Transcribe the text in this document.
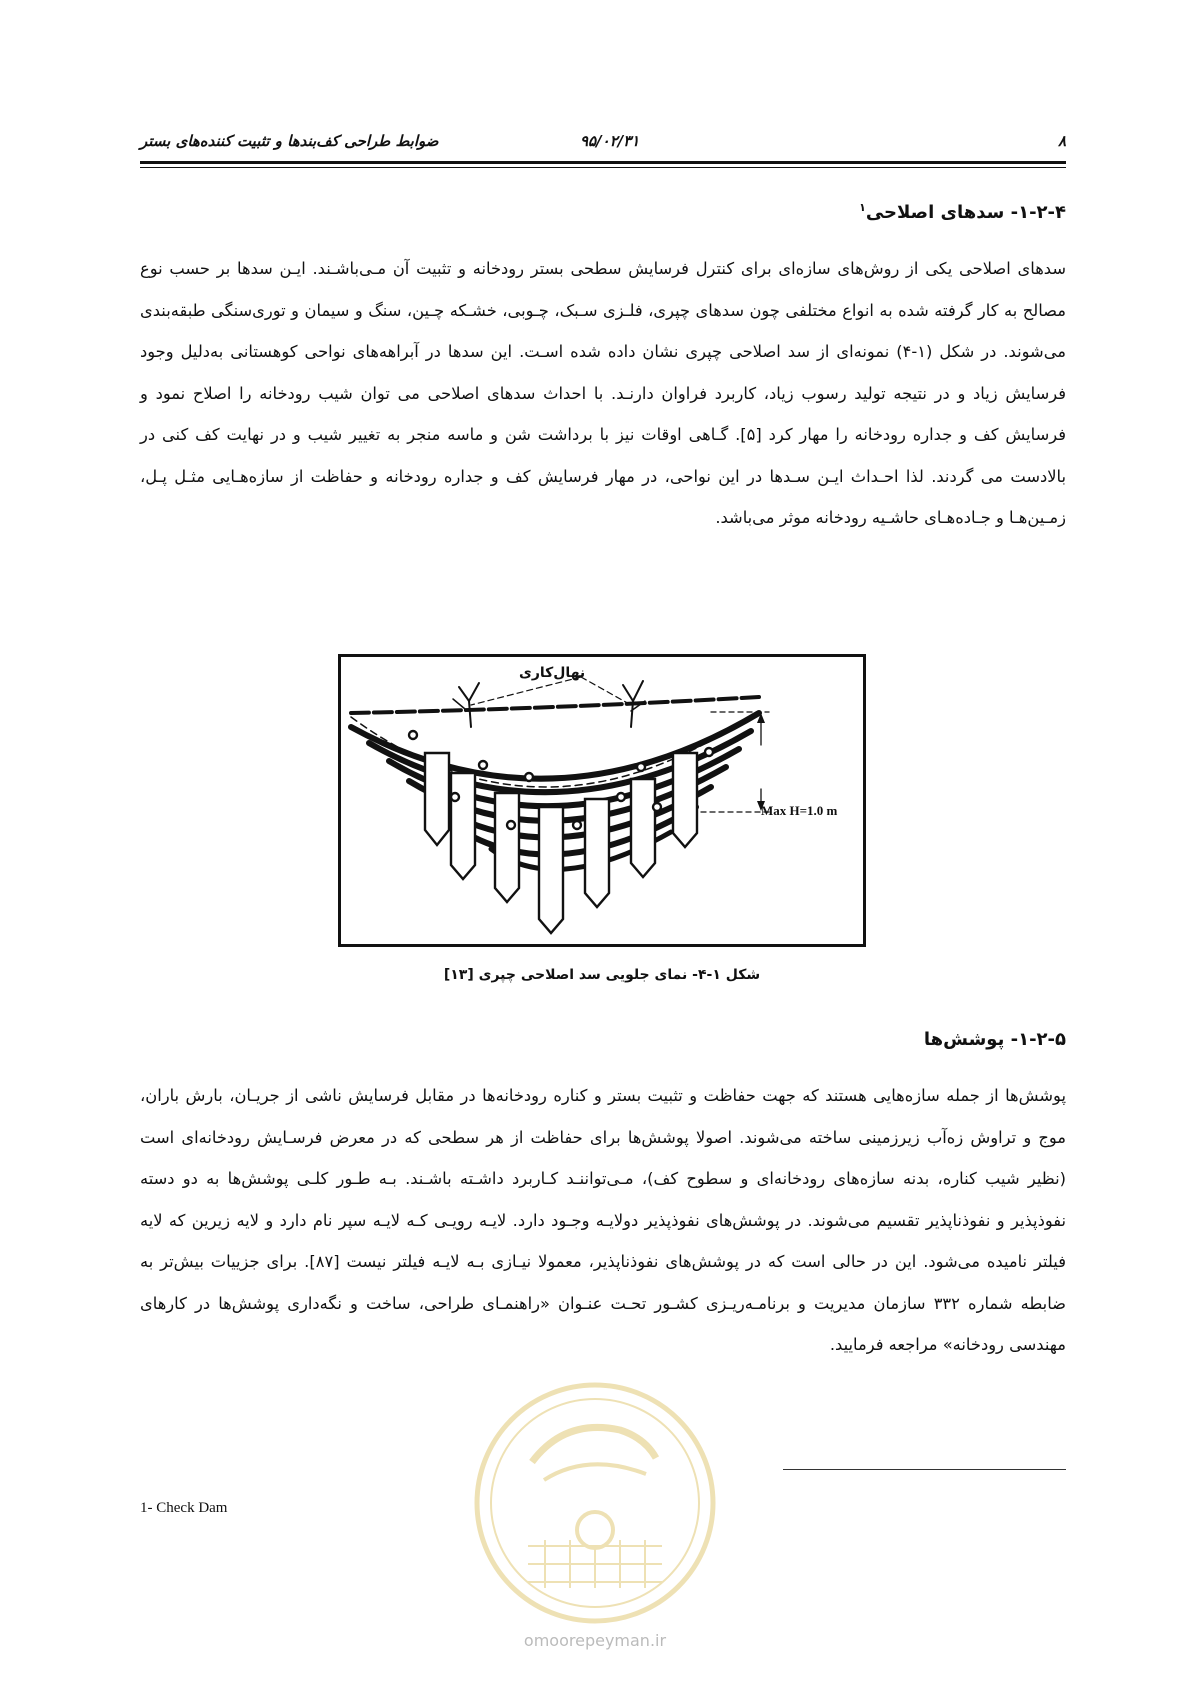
۸
۹۵/۰۲/۳۱
ضوابط طراحی کف‌بندها و تثبیت کننده‌های بستر
۱-۲-۴- سدهای اصلاحی$^۱$

سدهای اصلاحی یکی از روش‌های سازه‌ای برای کنترل فرسایش سطحی بستر رودخانه و تثبیت آن مـی‌باشـند. ایـن سدها بر حسب نوع مصالح به کار گرفته شده به انواع مختلفی چون سدهای چپری، فلـزی سـبک، چـوبی، خشـکه چـین، سنگ و سیمان و توری‌سنگی طبقه‌بندی می‌شوند. در شکل (۱-۴) نمونه‌ای از سد اصلاحی چپری نشان داده شده اسـت. این سدها در آبراهه‌های نواحی کوهستانی به‌دلیل وجود فرسایش زیاد و در نتیجه تولید رسوب زیاد، کاربرد فراوان دارنـد. با احداث سدهای اصلاحی می توان شیب رودخانه را اصلاح نمود و فرسایش کف و جداره رودخانه را مهار کرد [۵]. گـاهی اوقات نیز با برداشت شن و ماسه منجر به تغییر شیب و در نهایت کف کنی در بالادست می گردند. لذا احـداث ایـن سـدها در این نواحی، در مهار فرسایش کف و جداره رودخانه و حفاظت از سازه‌هـایی مثـل پـل، زمـین‌هـا و جـاده‌هـای حاشـیه رودخانه موثر می‌باشد.

نهال‌کاری
Max H=1.0 m
شکل ۱-۴- نمای جلویی سد اصلاحی چپری [۱۳]
۱-۲-۵- پوشش‌ها

پوشش‌ها از جمله سازه‌هایی هستند که جهت حفاظت و تثبیت بستر و کناره رودخانه‌ها در مقابل فرسایش ناشی از جریـان، بارش باران، موج و تراوش زه‌آب زیرزمینی ساخته می‌شوند. اصولا پوشش‌ها برای حفاظت از هر سطحی که در معرض فرسـایش رودخانه‌ای است (نظیر شیب کناره، بدنه سازه‌های رودخانه‌ای و سطوح کف)، مـی‌تواننـد کـاربرد داشـته باشـند. بـه طـور کلـی پوشش‌ها به دو دسته نفوذپذیر و نفوذناپذیر تقسیم می‌شوند. در پوشش‌های نفوذپذیر دولایـه وجـود دارد. لایـه رویـی کـه لایـه سپر نام دارد و لایه زیرین که لایه فیلتر نامیده می‌شود. این در حالی است که در پوشش‌های نفوذناپذیر، معمولا نیـازی بـه لایـه فیلتر نیست [۸۷]. برای جزییات بیش‌تر به ضابطه شماره ۳۳۲ سازمان مدیریت و برنامـه‌ریـزی کشـور تحـت عنـوان «راهنمـای طراحی، ساخت و نگه‌داری پوشش‌ها در کارهای مهندسی رودخانه» مراجعه فرمایید.

1- Check Dam
omoorepeyman.ir
